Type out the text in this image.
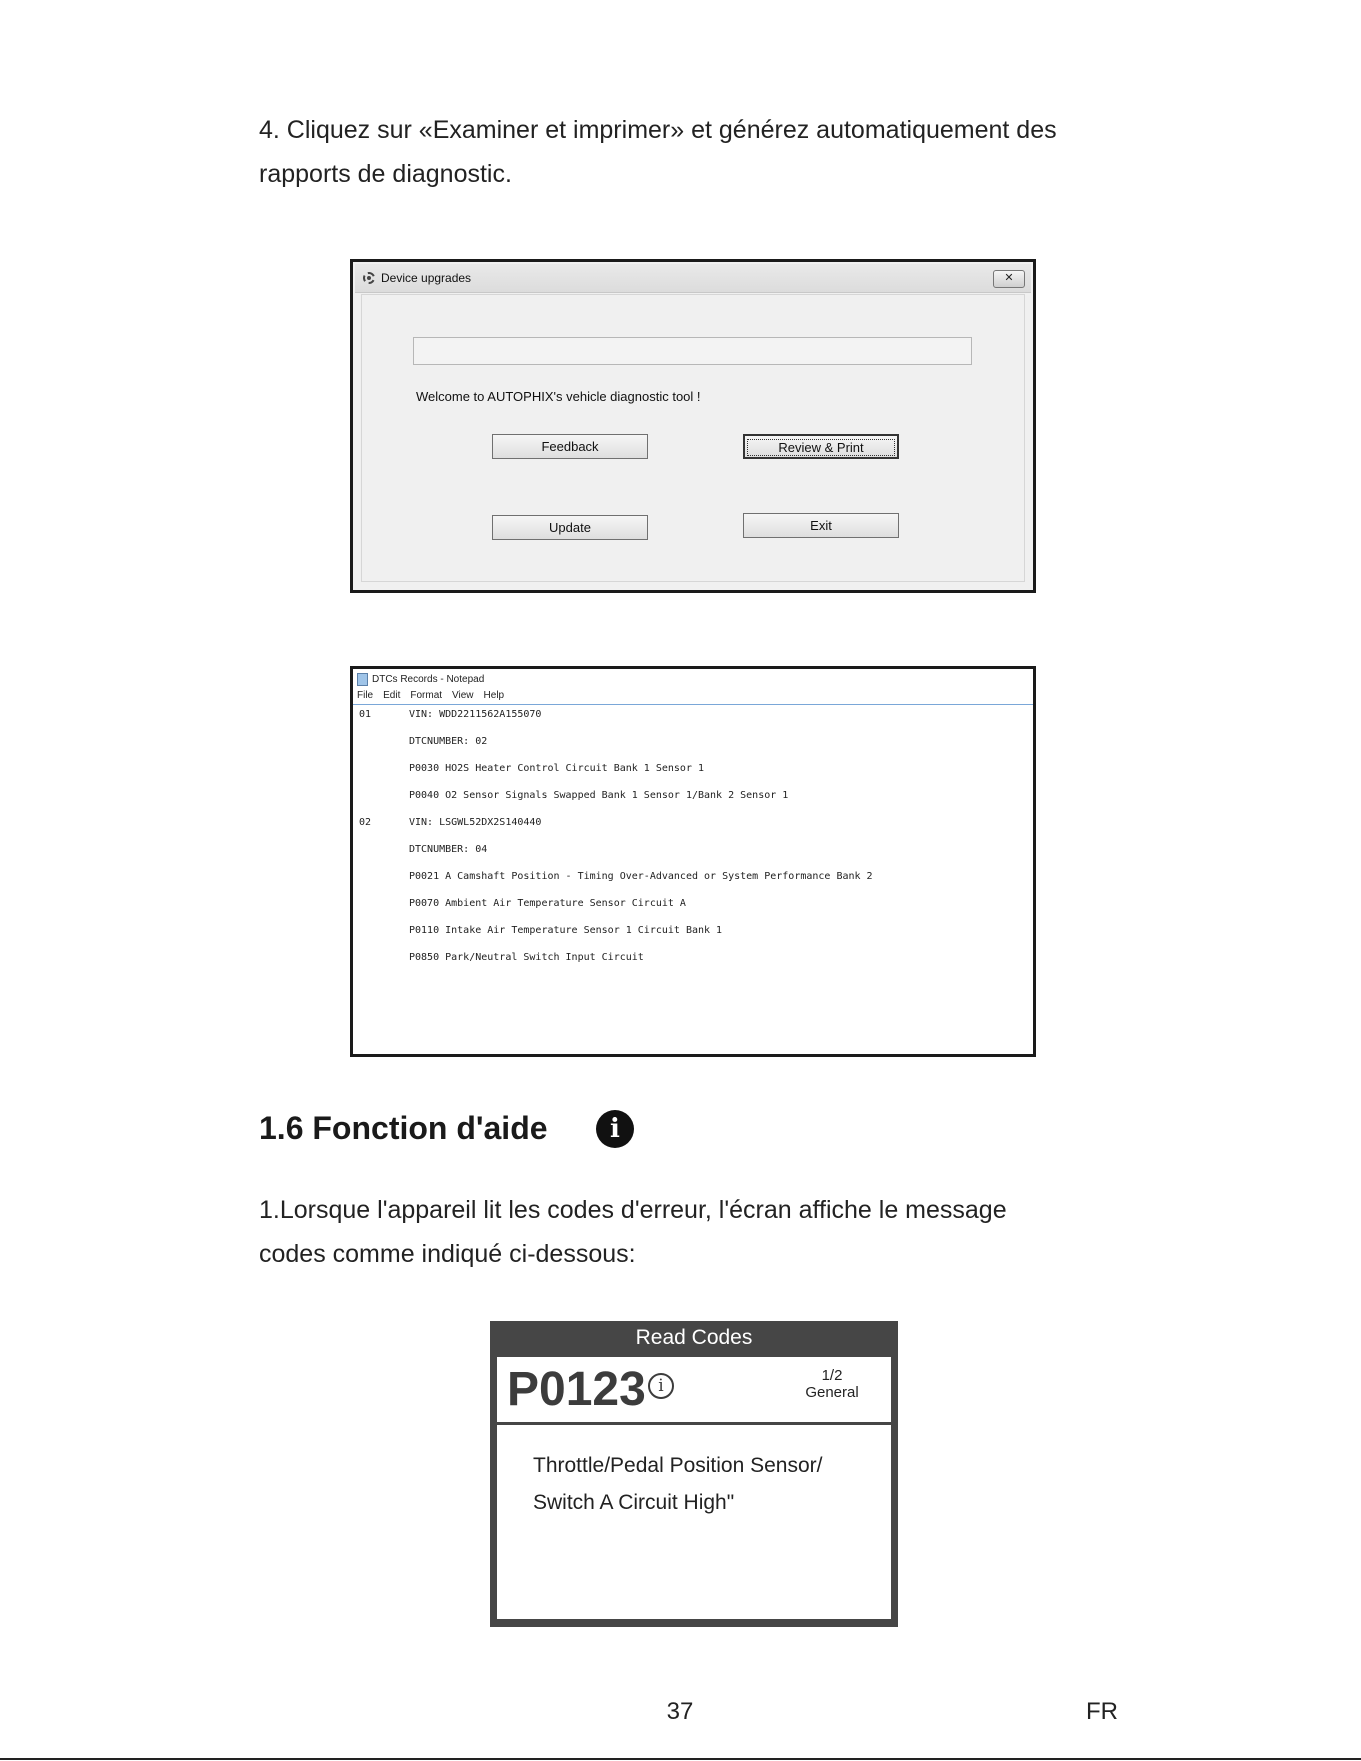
4. Cliquez sur «Examiner et imprimer» et générez automatiquement des
rapports de diagnostic.
Device upgrades	✕
Welcome to AUTOPHIX's vehicle diagnostic tool !
Feedback	Review & Print
Update	Exit
DTCs Records - Notepad
File Edit Format View Help
01	VIN: WDD2211562A155070
DTCNUMBER: 02
P0030 HO2S Heater Control Circuit Bank 1 Sensor 1
P0040 O2 Sensor Signals Swapped Bank 1 Sensor 1/Bank 2 Sensor 1
02	VIN: LSGWL52DX2S140440
DTCNUMBER: 04
P0021 A Camshaft Position - Timing Over-Advanced or System Performance Bank 2
P0070 Ambient Air Temperature Sensor Circuit A
P0110 Intake Air Temperature Sensor 1 Circuit Bank 1
P0850 Park/Neutral Switch Input Circuit
1.6 Fonction d'aide	i
1.Lorsque l'appareil lit les codes d'erreur, l'écran affiche le message
codes comme indiqué ci-dessous:
Read Codes
P0123 i
1/2
General
Throttle/Pedal Position Sensor/
Switch A Circuit High"
37	FR
